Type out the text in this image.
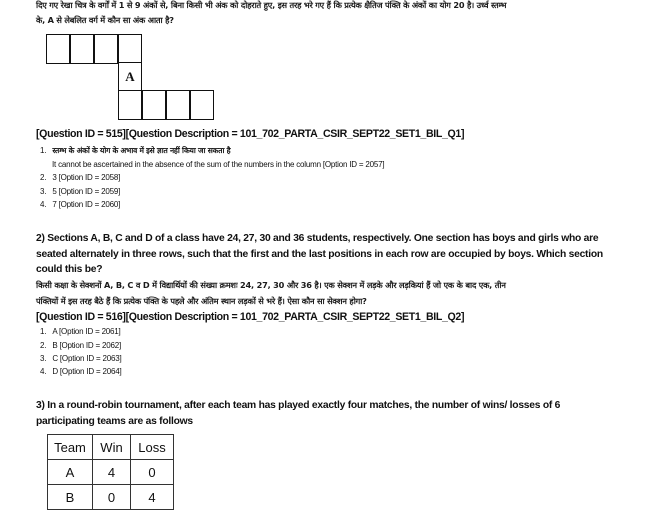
दिए गए रेखा चित्र के वर्गों में 1 से 9 अंकों से, बिना किसी भी अंक को दोहराते हुए, इस तरह भरे गए हैं कि प्रत्येक क्षैतिज पंक्ति के अंकों का योग 20 है। उर्ध्व स्तम्भ
के, A से लेबलित वर्ग में कौन सा अंक आता है?
A
[Question ID = 515][Question Description = 101_702_PARTA_CSIR_SEPT22_SET1_BIL_Q1]
1. स्तम्भ के अंकों के योग के अभाव में इसे ज्ञात नहीं किया जा सकता है
It cannot be ascertained in the absence of the sum of the numbers in the column [Option ID = 2057]
2. 3 [Option ID = 2058]
3. 5 [Option ID = 2059]
4. 7 [Option ID = 2060]
2) Sections A, B, C and D of a class have 24, 27, 30 and 36 students, respectively. One section has boys and girls who are
seated alternately in three rows, such that the first and the last positions in each row are occupied by boys. Which section
could this be?
किसी कक्षा के सेक्शनों A, B, C व D में विद्यार्थियों की संख्या क्रमशः 24, 27, 30 और 36 है। एक सेक्शन में लड़के और लड़कियां हैं जो एक के बाद एक, तीन
पंक्तियों में इस तरह बैठे हैं कि प्रत्येक पंक्ति के पहले और अंतिम स्थान लड़कों से भरे हैं। ऐसा कौन सा सेक्शन होगा?
[Question ID = 516][Question Description = 101_702_PARTA_CSIR_SEPT22_SET1_BIL_Q2]
1. A [Option ID = 2061]
2. B [Option ID = 2062]
3. C [Option ID = 2063]
4. D [Option ID = 2064]
3) In a round-robin tournament, after each team has played exactly four matches, the number of wins/ losses of 6
participating teams are as follows
Team	Win	Loss
A	4	0
B	0	4
